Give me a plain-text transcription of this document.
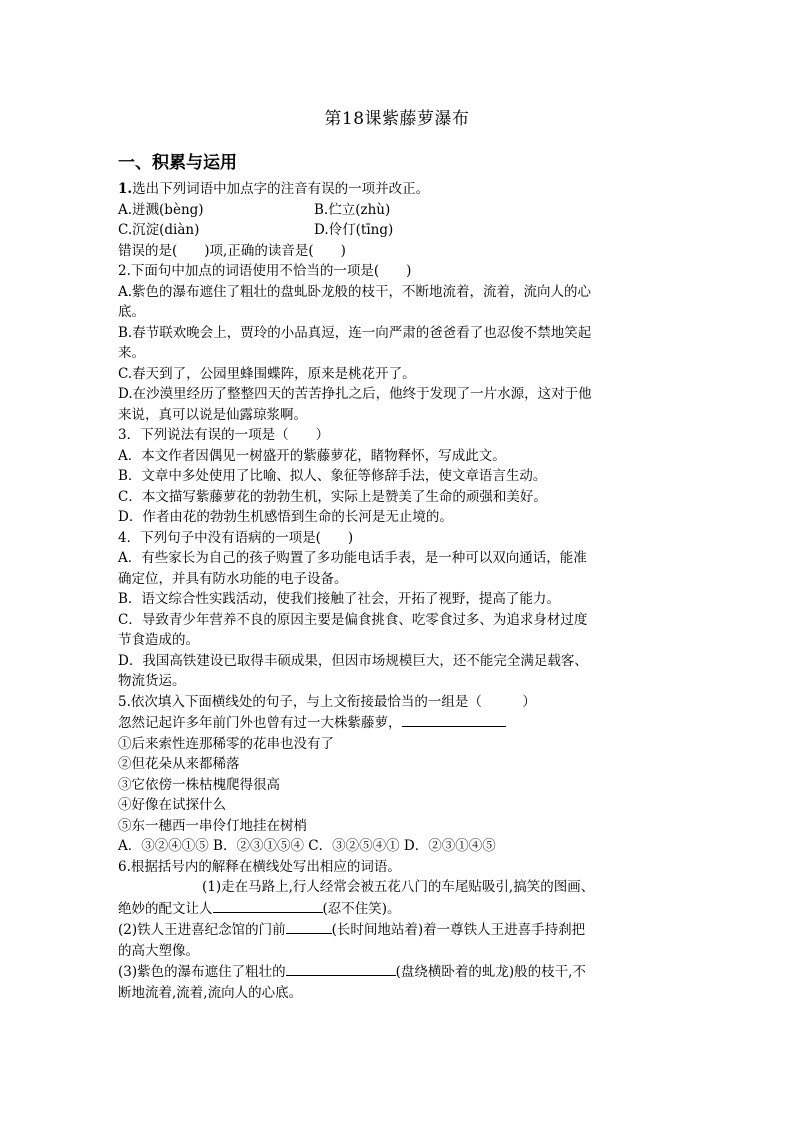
第18课紫藤萝瀑布
一、积累与运用

1.选出下列词语中加点字的注音有误的一项并改正。

A.迸溅(bèng)	B.伫立(zhù)

C.沉淀(diàn)	D.伶仃(tīng)

错误的是(　　)项,正确的读音是(　　)

2.下面句中加点的词语使用不恰当的一项是(　　)

A.紫色的瀑布遮住了粗壮的盘虬卧龙般的枝干，不断地流着，流着，流向人的心

底。

B.春节联欢晚会上，贾玲的小品真逗，连一向严肃的爸爸看了也忍俊不禁地笑起

来。

C.春天到了，公园里蜂围蝶阵，原来是桃花开了。

D.在沙漠里经历了整整四天的苦苦挣扎之后，他终于发现了一片水源，这对于他

来说，真可以说是仙露琼浆啊。

3．下列说法有误的一项是（　　）

A．本文作者因偶见一树盛开的紫藤萝花，睹物释怀，写成此文。

B．文章中多处使用了比喻、拟人、象征等修辞手法，使文章语言生动。

C．本文描写紫藤萝花的勃勃生机，实际上是赞美了生命的顽强和美好。

D．作者由花的勃勃生机感悟到生命的长河是无止境的。

4．下列句子中没有语病的一项是(　　)

A．有些家长为自己的孩子购置了多功能电话手表，是一种可以双向通话，能准

确定位，并具有防水功能的电子设备。

B．语文综合性实践活动，使我们接触了社会，开拓了视野，提高了能力。

C．导致青少年营养不良的原因主要是偏食挑食、吃零食过多、为追求身材过度

节食造成的。

D．我国高铁建设已取得丰硕成果，但因市场规模巨大，还不能完全满足载客、

物流货运。

5.依次填入下面横线处的句子，与上文衔接最恰当的一组是（　　　）

忽然记起许多年前门外也曾有过一大株紫藤萝，

①后来索性连那稀零的花串也没有了

②但花朵从来都稀落

③它依傍一株枯槐爬得很高

④好像在试探什么

⑤东一穗西一串伶仃地挂在树梢

A．③②④①⑤ B．②③①⑤④ C．③②⑤④① D．②③①④⑤

6.根据括号内的解释在横线处写出相应的词语。

(1)走在马路上,行人经常会被五花八门的车尾贴吸引,搞笑的图画、

绝妙的配文让人	(忍不住笑)。

(2)铁人王进喜纪念馆的门前	(长时间地站着)着一尊铁人王进喜手持刹把

的高大塑像。

(3)紫色的瀑布遮住了粗壮的	(盘绕横卧着的虬龙)般的枝干,不

断地流着,流着,流向人的心底。
